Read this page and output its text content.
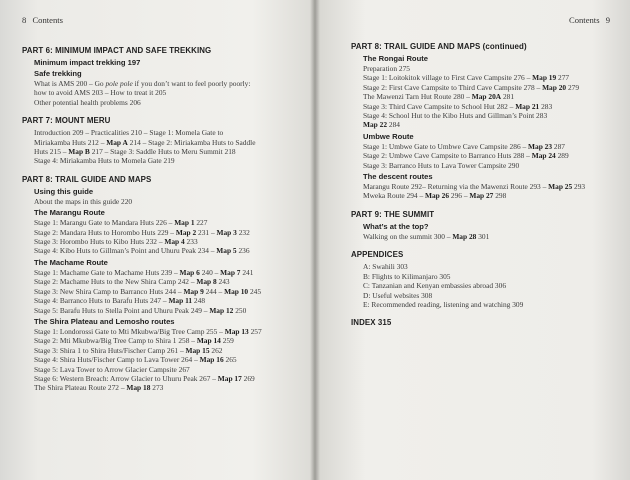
8 Contents
PART 6: MINIMUM IMPACT AND SAFE TREKKING
Minimum impact trekking 197
Safe trekking
What is AMS 200 – Go pole pole if you don’t want to feel poorly poorly:
how to avoid AMS 203 – How to treat it 205
Other potential health problems 206
PART 7: MOUNT MERU
Introduction 209 – Practicalities 210 – Stage 1: Momela Gate to
Miriakamba Huts 212 – Map A 214 – Stage 2: Miriakamba Huts to Saddle
Huts 215 – Map B 217 – Stage 3: Saddle Huts to Meru Summit 218
Stage 4: Miriakamba Huts to Momela Gate 219
PART 8: TRAIL GUIDE AND MAPS
Using this guide
About the maps in this guide 220
The Marangu Route
Stage 1: Marangu Gate to Mandara Huts 226 – Map 1 227
Stage 2: Mandara Huts to Horombo Huts 229 – Map 2 231 – Map 3 232
Stage 3: Horombo Huts to Kibo Huts 232 – Map 4 233
Stage 4: Kibo Huts to Gillman’s Point and Uhuru Peak 234 – Map 5 236
The Machame Route
Stage 1: Machame Gate to Machame Huts 239 – Map 6 240 – Map 7 241
Stage 2: Machame Huts to the New Shira Camp 242 – Map 8 243
Stage 3: New Shira Camp to Barranco Huts 244 – Map 9 244 – Map 10 245
Stage 4: Barranco Huts to Barafu Huts 247 – Map 11 248
Stage 5: Barafu Huts to Stella Point and Uhuru Peak 249 – Map 12 250
The Shira Plateau and Lemosho routes
Stage 1: Londorossi Gate to Mti Mkubwa/Big Tree Camp 255 – Map 13 257
Stage 2: Mti Mkubwa/Big Tree Camp to Shira 1 258 – Map 14 259
Stage 3: Shira 1 to Shira Huts/Fischer Camp 261 – Map 15 262
Stage 4: Shira Huts/Fischer Camp to Lava Tower 264 – Map 16 265
Stage 5: Lava Tower to Arrow Glacier Campsite 267
Stage 6: Western Breach: Arrow Glacier to Uhuru Peak 267 – Map 17 269
The Shira Plateau Route 272 – Map 18 273
Contents 9
PART 8: TRAIL GUIDE AND MAPS (continued)
The Rongai Route
Preparation 275
Stage 1: Loitokitok village to First Cave Campsite 276 – Map 19 277
Stage 2: First Cave Campsite to Third Cave Campsite 278 – Map 20 279
The Mawenzi Tarn Hut Route 280 – Map 20A 281
Stage 3: Third Cave Campsite to School Hut 282 – Map 21 283
Stage 4: School Hut to the Kibo Huts and Gillman’s Point 283
Map 22 284
Umbwe Route
Stage 1: Umbwe Gate to Umbwe Cave Campsite 286 – Map 23 287
Stage 2: Umbwe Cave Campsite to Barranco Huts 288 – Map 24 289
Stage 3: Barranco Huts to Lava Tower Campsite 290
The descent routes
Marangu Route 292– Returning via the Mawenzi Route 293 – Map 25 293
Mweka Route 294 – Map 26 296 – Map 27 298
PART 9: THE SUMMIT
What’s at the top?
Walking on the summit 300 – Map 28 301
APPENDICES
A: Swahili 303
B: Flights to Kilimanjaro 305
C: Tanzanian and Kenyan embassies abroad 306
D: Useful websites 308
E: Recommended reading, listening and watching 309
INDEX 315
